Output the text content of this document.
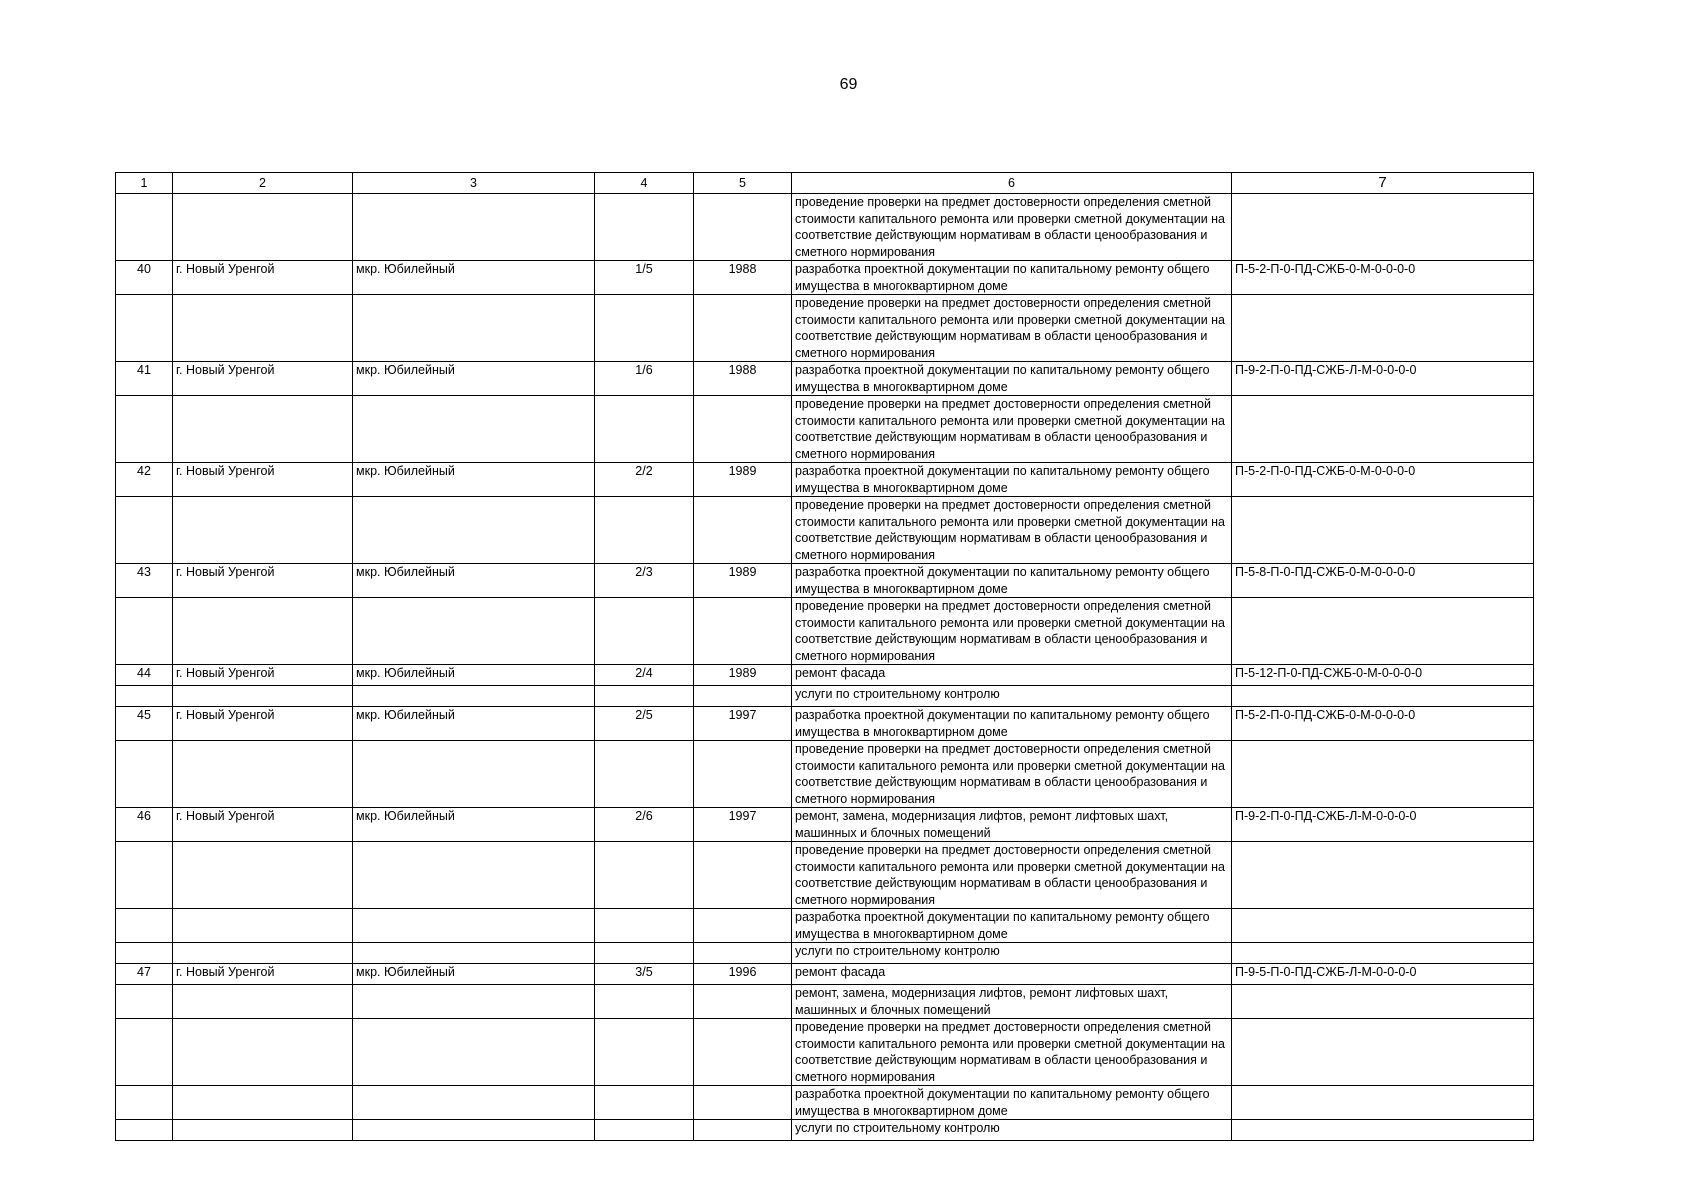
69
1	2	3	4	5	6	7
					проведение проверки на предмет достоверности определения сметной стоимости капитального ремонта или проверки сметной документации на соответствие действующим нормативам в области ценообразования и сметного нормирования	
40	г. Новый Уренгой	мкр. Юбилейный	1/5	1988	разработка проектной документации по капитальному ремонту общего имущества в многоквартирном доме	П-5-2-П-0-ПД-СЖБ-0-М-0-0-0-0
					проведение проверки на предмет достоверности определения сметной стоимости капитального ремонта или проверки сметной документации на соответствие действующим нормативам в области ценообразования и сметного нормирования	
41	г. Новый Уренгой	мкр. Юбилейный	1/6	1988	разработка проектной документации по капитальному ремонту общего имущества в многоквартирном доме	П-9-2-П-0-ПД-СЖБ-Л-М-0-0-0-0
					проведение проверки на предмет достоверности определения сметной стоимости капитального ремонта или проверки сметной документации на соответствие действующим нормативам в области ценообразования и сметного нормирования	
42	г. Новый Уренгой	мкр. Юбилейный	2/2	1989	разработка проектной документации по капитальному ремонту общего имущества в многоквартирном доме	П-5-2-П-0-ПД-СЖБ-0-М-0-0-0-0
					проведение проверки на предмет достоверности определения сметной стоимости капитального ремонта или проверки сметной документации на соответствие действующим нормативам в области ценообразования и сметного нормирования	
43	г. Новый Уренгой	мкр. Юбилейный	2/3	1989	разработка проектной документации по капитальному ремонту общего имущества в многоквартирном доме	П-5-8-П-0-ПД-СЖБ-0-М-0-0-0-0
					проведение проверки на предмет достоверности определения сметной стоимости капитального ремонта или проверки сметной документации на соответствие действующим нормативам в области ценообразования и сметного нормирования	
44	г. Новый Уренгой	мкр. Юбилейный	2/4	1989	ремонт фасада	П-5-12-П-0-ПД-СЖБ-0-М-0-0-0-0
					услуги по строительному контролю	
45	г. Новый Уренгой	мкр. Юбилейный	2/5	1997	разработка проектной документации по капитальному ремонту общего имущества в многоквартирном доме	П-5-2-П-0-ПД-СЖБ-0-М-0-0-0-0
					проведение проверки на предмет достоверности определения сметной стоимости капитального ремонта или проверки сметной документации на соответствие действующим нормативам в области ценообразования и сметного нормирования	
46	г. Новый Уренгой	мкр. Юбилейный	2/6	1997	ремонт, замена, модернизация лифтов, ремонт лифтовых шахт, машинных и блочных помещений	П-9-2-П-0-ПД-СЖБ-Л-М-0-0-0-0
					проведение проверки на предмет достоверности определения сметной стоимости капитального ремонта или проверки сметной документации на соответствие действующим нормативам в области ценообразования и сметного нормирования	
					разработка проектной документации по капитальному ремонту общего имущества в многоквартирном доме	
					услуги по строительному контролю	
47	г. Новый Уренгой	мкр. Юбилейный	3/5	1996	ремонт фасада	П-9-5-П-0-ПД-СЖБ-Л-М-0-0-0-0
					ремонт, замена, модернизация лифтов, ремонт лифтовых шахт, машинных и блочных помещений	
					проведение проверки на предмет достоверности определения сметной стоимости капитального ремонта или проверки сметной документации на соответствие действующим нормативам в области ценообразования и сметного нормирования	
					разработка проектной документации по капитальному ремонту общего имущества в многоквартирном доме	
					услуги по строительному контролю	
